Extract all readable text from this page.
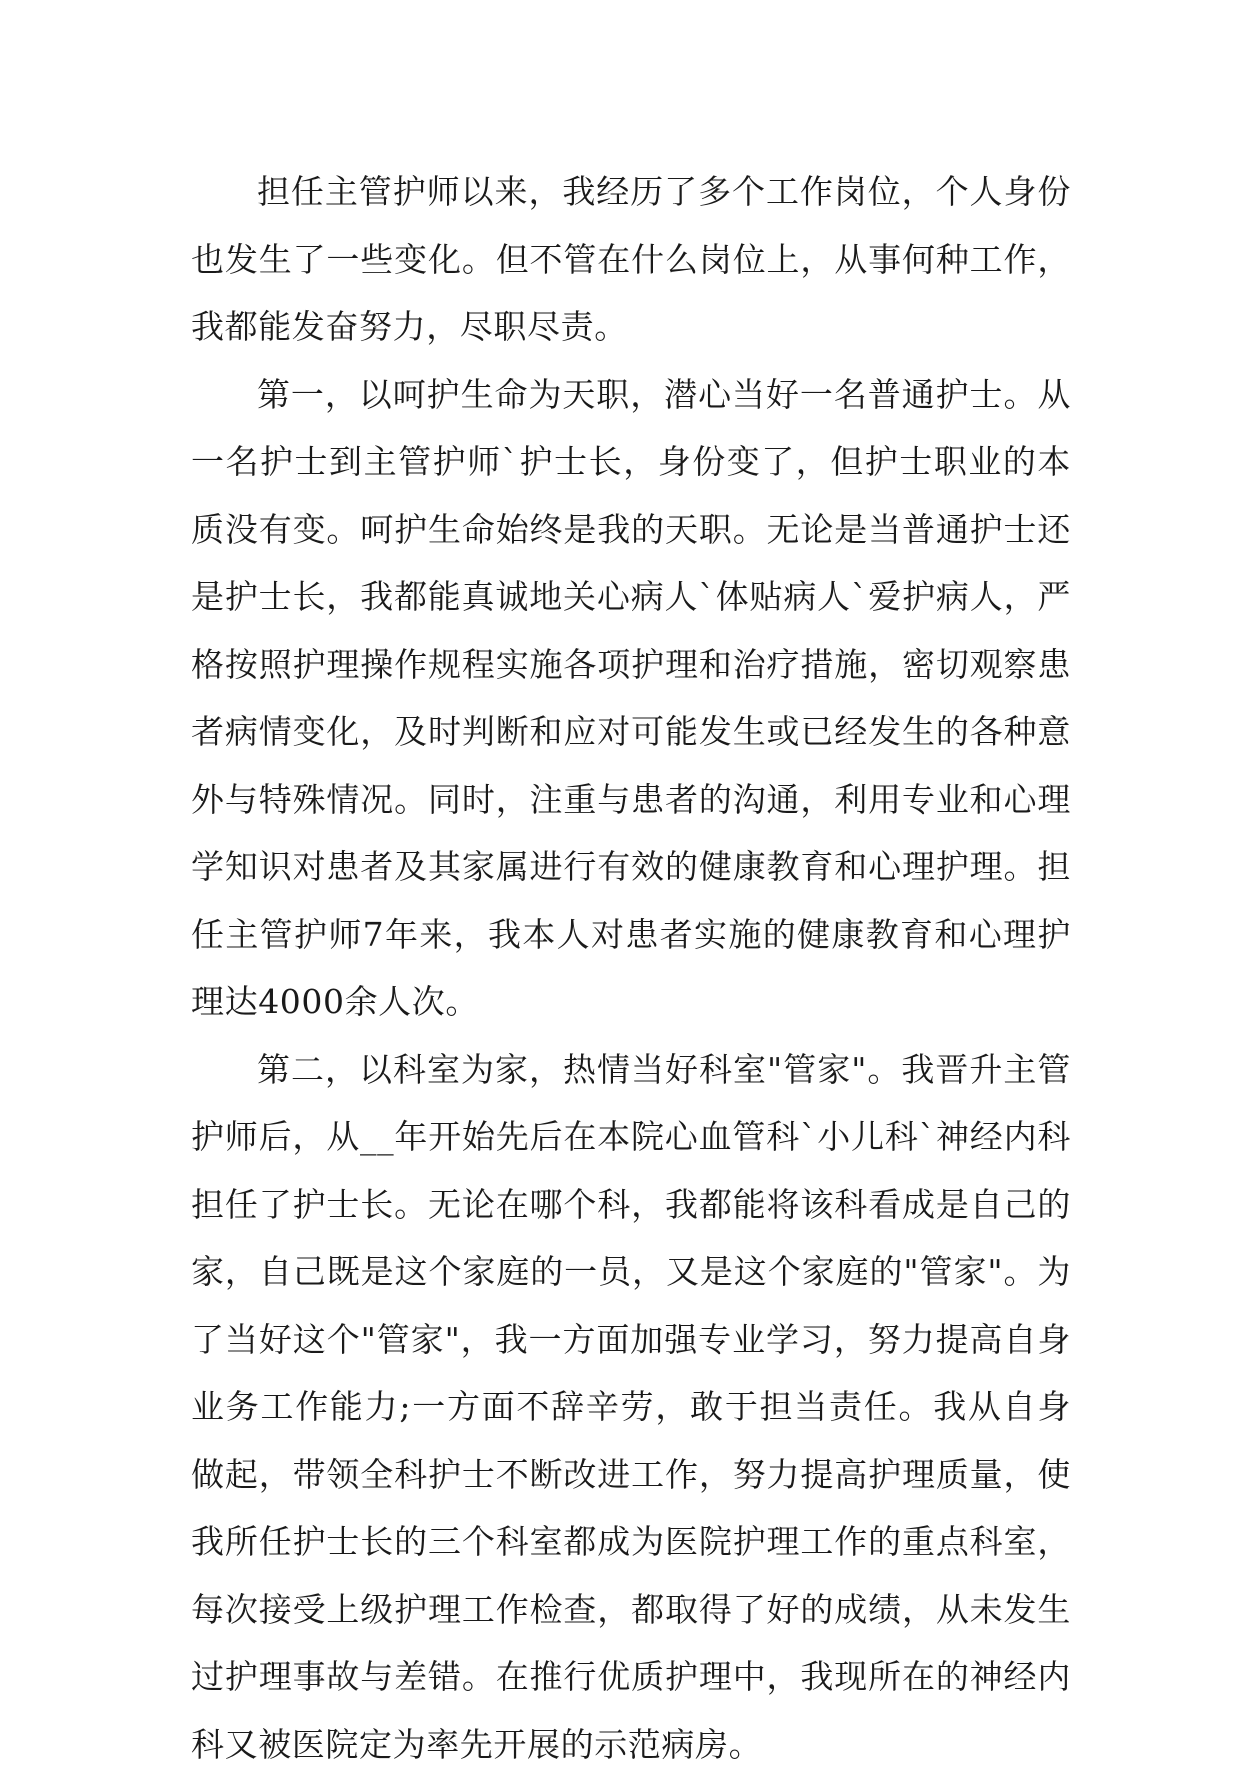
担任主管护师以来，我经历了多个工作岗位，个人身份也发生了一些变化。但不管在什么岗位上，从事何种工作，我都能发奋努力，尽职尽责。

第一，以呵护生命为天职，潜心当好一名普通护士。从一名护士到主管护师`护士长，身份变了，但护士职业的本质没有变。呵护生命始终是我的天职。无论是当普通护士还是护士长，我都能真诚地关心病人`体贴病人`爱护病人，严格按照护理操作规程实施各项护理和治疗措施，密切观察患者病情变化，及时判断和应对可能发生或已经发生的各种意外与特殊情况。同时，注重与患者的沟通，利用专业和心理学知识对患者及其家属进行有效的健康教育和心理护理。担任主管护师7年来，我本人对患者实施的健康教育和心理护理达4000余人次。

第二，以科室为家，热情当好科室"管家"。我晋升主管护师后，从__年开始先后在本院心血管科`小儿科`神经内科担任了护士长。无论在哪个科，我都能将该科看成是自己的家，自己既是这个家庭的一员，又是这个家庭的"管家"。为了当好这个"管家"，我一方面加强专业学习，努力提高自身业务工作能力;一方面不辞辛劳，敢于担当责任。我从自身做起，带领全科护士不断改进工作，努力提高护理质量，使我所任护士长的三个科室都成为医院护理工作的重点科室，每次接受上级护理工作检查，都取得了好的成绩，从未发生过护理事故与差错。在推行优质护理中，我现所在的神经内科又被医院定为率先开展的示范病房。
